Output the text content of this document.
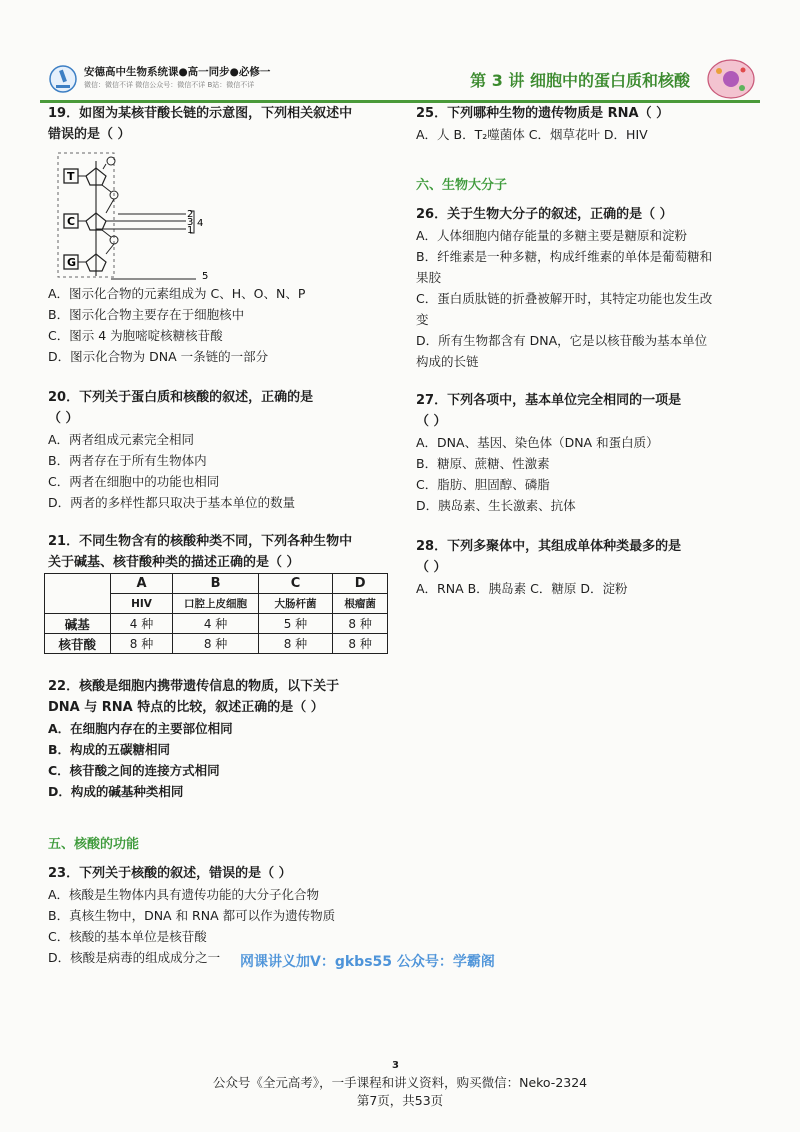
安德高中生物系统课●高一同步●必修一
微信：微信不详 微信公众号：微信不详 B站：微信不详	第 3 讲 细胞中的蛋白质和核酸

19．如图为某核苷酸长链的示意图，下列相关叙述中

错误的是（ ）

T
C
G
2
3
1
4
5

A．图示化合物的元素组成为 C、H、O、N、P

B．图示化合物主要存在于细胞核中

C．图示 4 为胞嘧啶核糖核苷酸

D．图示化合物为 DNA 一条链的一部分

20．下列关于蛋白质和核酸的叙述，正确的是

（ ）

A．两者组成元素完全相同

B．两者存在于所有生物体内

C．两者在细胞中的功能也相同

D．两者的多样性都只取决于基本单位的数量

21．不同生物含有的核酸种类不同，下列各种生物中

关于碱基、核苷酸种类的描述正确的是（ ）

	A	B	C	D
	HIV	口腔上皮细胞	大肠杆菌	根瘤菌
碱基	4 种	4 种	5 种	8 种
核苷酸	8 种	8 种	8 种	8 种

22．核酸是细胞内携带遗传信息的物质，以下关于

DNA 与 RNA 特点的比较，叙述正确的是（ ）

A．在细胞内存在的主要部位相同

B．构成的五碳糖相同

C．核苷酸之间的连接方式相同

D．构成的碱基种类相同

五、核酸的功能

23．下列关于核酸的叙述，错误的是（ ）

A．核酸是生物体内具有遗传功能的大分子化合物

B．真核生物中，DNA 和 RNA 都可以作为遗传物质

C．核酸的基本单位是核苷酸

D．核酸是病毒的组成成分之一

25．下列哪种生物的遗传物质是 RNA（ ）

A．人 B．T₂噬菌体 C．烟草花叶 D．HIV

六、生物大分子

26．关于生物大分子的叙述，正确的是（ ）

A．人体细胞内储存能量的多糖主要是糖原和淀粉

B．纤维素是一种多糖，构成纤维素的单体是葡萄糖和

果胶

C．蛋白质肽链的折叠被解开时，其特定功能也发生改

变

D．所有生物都含有 DNA，它是以核苷酸为基本单位

构成的长链

27．下列各项中，基本单位完全相同的一项是

（ ）

A．DNA、基因、染色体（DNA 和蛋白质）

B．糖原、蔗糖、性激素

C．脂肪、胆固醇、磷脂

D．胰岛素、生长激素、抗体

28．下列多聚体中，其组成单体种类最多的是

（ ）

A．RNA B．胰岛素 C．糖原 D．淀粉

网课讲义加V：gkbs55 公众号：学霸阁
3
公众号《全元高考》，一手课程和讲义资料，购买微信：Neko-2324
第7页，共53页
